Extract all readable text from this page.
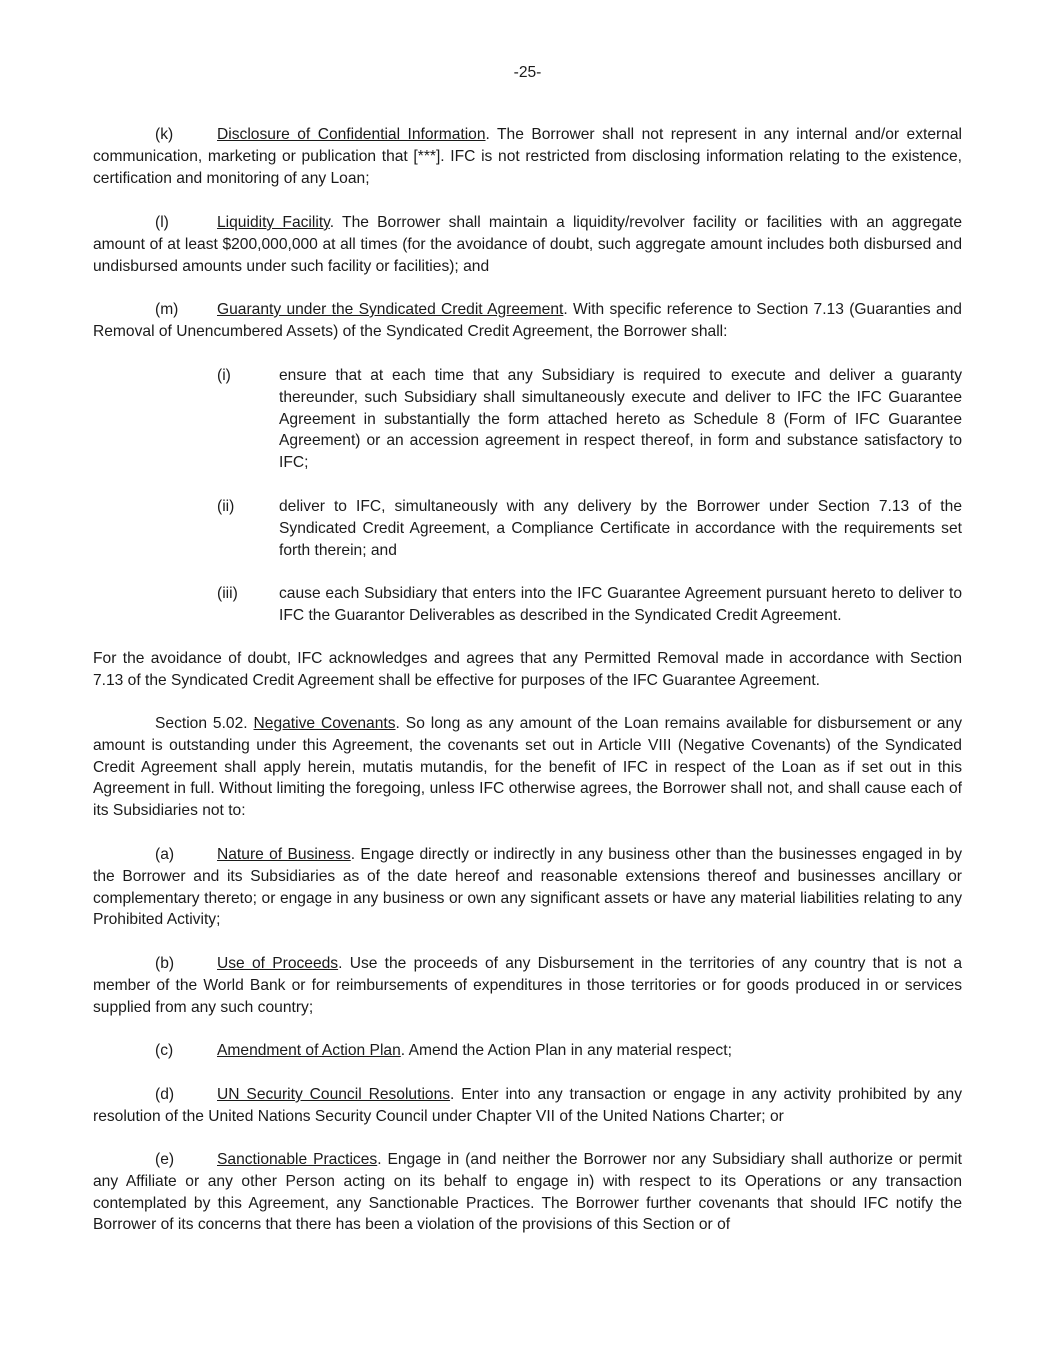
-25-

(k)	Disclosure of Confidential Information. The Borrower shall not represent in any internal and/or external communication, marketing or publication that [***]. IFC is not restricted from disclosing information relating to the existence, certification and monitoring of any Loan;

(l)	Liquidity Facility. The Borrower shall maintain a liquidity/revolver facility or facilities with an aggregate amount of at least $200,000,000 at all times (for the avoidance of doubt, such aggregate amount includes both disbursed and undisbursed amounts under such facility or facilities); and

(m) Guaranty under the Syndicated Credit Agreement. With specific reference to Section 7.13 (Guaranties and Removal of Unencumbered Assets) of the Syndicated Credit Agreement, the Borrower shall:

(i)	ensure that at each time that any Subsidiary is required to execute and deliver a guaranty thereunder, such Subsidiary shall simultaneously execute and deliver to IFC the IFC Guarantee Agreement in substantially the form attached hereto as Schedule 8 (Form of IFC Guarantee Agreement) or an accession agreement in respect thereof, in form and substance satisfactory to IFC;
(ii)	deliver to IFC, simultaneously with any delivery by the Borrower under Section 7.13 of the Syndicated Credit Agreement, a Compliance Certificate in accordance with the requirements set forth therein; and
(iii)	cause each Subsidiary that enters into the IFC Guarantee Agreement pursuant hereto to deliver to IFC the Guarantor Deliverables as described in the Syndicated Credit Agreement.

For the avoidance of doubt, IFC acknowledges and agrees that any Permitted Removal made in accordance with Section 7.13 of the Syndicated Credit Agreement shall be effective for purposes of the IFC Guarantee Agreement.

Section 5.02. Negative Covenants. So long as any amount of the Loan remains available for disbursement or any amount is outstanding under this Agreement, the covenants set out in Article VIII (Negative Covenants) of the Syndicated Credit Agreement shall apply herein, mutatis mutandis, for the benefit of IFC in respect of the Loan as if set out in this Agreement in full. Without limiting the foregoing, unless IFC otherwise agrees, the Borrower shall not, and shall cause each of its Subsidiaries not to:

(a)	Nature of Business. Engage directly or indirectly in any business other than the businesses engaged in by the Borrower and its Subsidiaries as of the date hereof and reasonable extensions thereof and businesses ancillary or complementary thereto; or engage in any business or own any significant assets or have any material liabilities relating to any Prohibited Activity;

(b)	Use of Proceeds. Use the proceeds of any Disbursement in the territories of any country that is not a member of the World Bank or for reimbursements of expenditures in those territories or for goods produced in or services supplied from any such country;

(c)	Amendment of Action Plan. Amend the Action Plan in any material respect;

(d)	UN Security Council Resolutions. Enter into any transaction or engage in any activity prohibited by any resolution of the United Nations Security Council under Chapter VII of the United Nations Charter; or

(e)	Sanctionable Practices. Engage in (and neither the Borrower nor any Subsidiary shall authorize or permit any Affiliate or any other Person acting on its behalf to engage in) with respect to its Operations or any transaction contemplated by this Agreement, any Sanctionable Practices. The Borrower further covenants that should IFC notify the Borrower of its concerns that there has been a violation of the provisions of this Section or of
